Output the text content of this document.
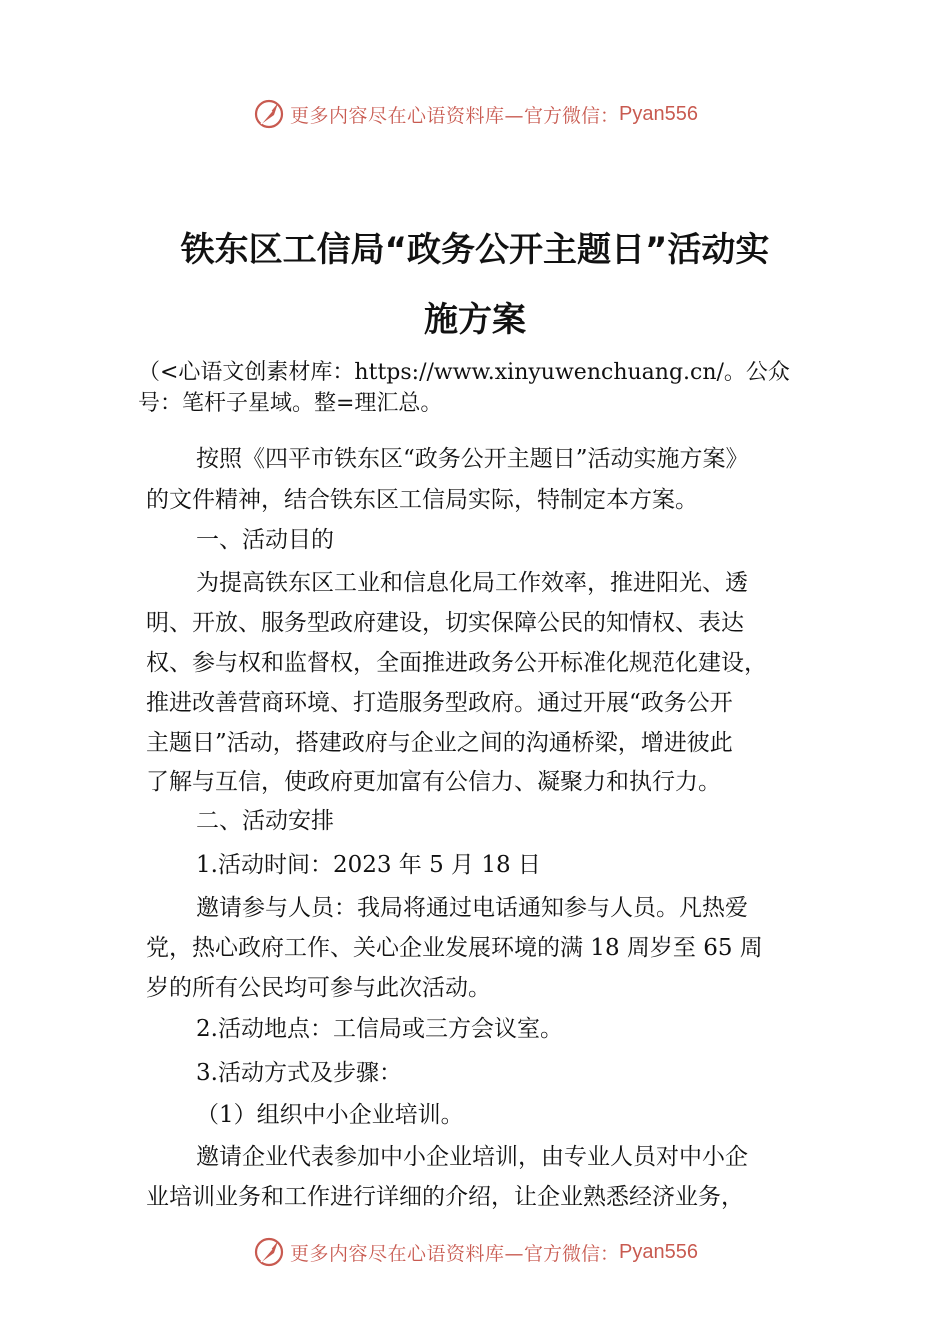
更多内容尽在心语资料库— 官方微信： Pyan556
铁东区工信局“政务公开主题日”活动实
施方案
（<心语文创素材库：https://www.xinyuwenchuang.cn/。公众
号：笔杆子星域。整=理汇总。
按照《四平市铁东区“政务公开主题日”活动实施方案》
的文件精神，结合铁东区工信局实际，特制定本方案。
一、活动目的
为提高铁东区工业和信息化局工作效率，推进阳光、透
明、开放、服务型政府建设，切实保障公民的知情权、表达
权、参与权和监督权，全面推进政务公开标准化规范化建设，
推进改善营商环境、打造服务型政府。通过开展“政务公开
主题日”活动，搭建政府与企业之间的沟通桥梁，增进彼此
了解与互信，使政府更加富有公信力、凝聚力和执行力。
二、活动安排
1.活动时间：2023 年 5 月 18 日
邀请参与人员：我局将通过电话通知参与人员。凡热爱
党，热心政府工作、关心企业发展环境的满 18 周岁至 65 周
岁的所有公民均可参与此次活动。
2.活动地点：工信局或三方会议室。
3.活动方式及步骤：
（1）组织中小企业培训。
邀请企业代表参加中小企业培训，由专业人员对中小企
业培训业务和工作进行详细的介绍，让企业熟悉经济业务，
更多内容尽在心语资料库— 官方微信： Pyan556
